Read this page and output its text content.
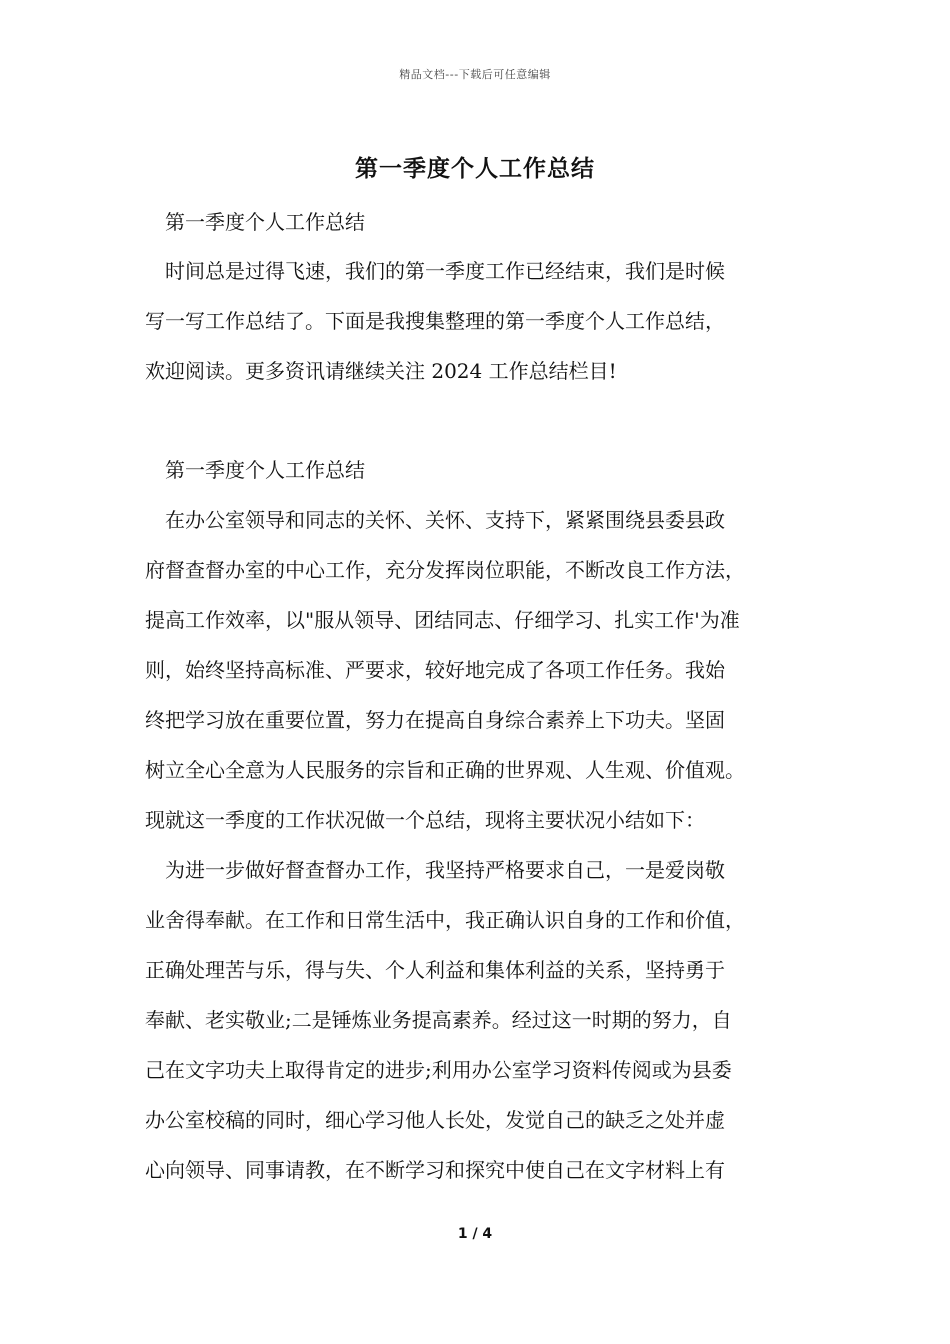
精品文档---下载后可任意编辑
第一季度个人工作总结
第一季度个人工作总结
　时间总是过得飞速，我们的第一季度工作已经结束，我们是时候
写一写工作总结了。下面是我搜集整理的第一季度个人工作总结，
欢迎阅读。更多资讯请继续关注 2024 工作总结栏目!
第一季度个人工作总结
　在办公室领导和同志的关怀、关怀、支持下，紧紧围绕县委县政
府督查督办室的中心工作，充分发挥岗位职能，不断改良工作方法，
提高工作效率，以"服从领导、团结同志、仔细学习、扎实工作'为准
则，始终坚持高标准、严要求，较好地完成了各项工作任务。我始
终把学习放在重要位置，努力在提高自身综合素养上下功夫。坚固
树立全心全意为人民服务的宗旨和正确的世界观、人生观、价值观。
现就这一季度的工作状况做一个总结，现将主要状况小结如下：
　为进一步做好督查督办工作，我坚持严格要求自己，一是爱岗敬
业舍得奉献。在工作和日常生活中，我正确认识自身的工作和价值，
正确处理苦与乐，得与失、个人利益和集体利益的关系，坚持勇于
奉献、老实敬业;二是锤炼业务提高素养。经过这一时期的努力，自
己在文字功夫上取得肯定的进步;利用办公室学习资料传阅或为县委
办公室校稿的同时，细心学习他人长处，发觉自己的缺乏之处并虚
心向领导、同事请教，在不断学习和探究中使自己在文字材料上有
1 / 4
